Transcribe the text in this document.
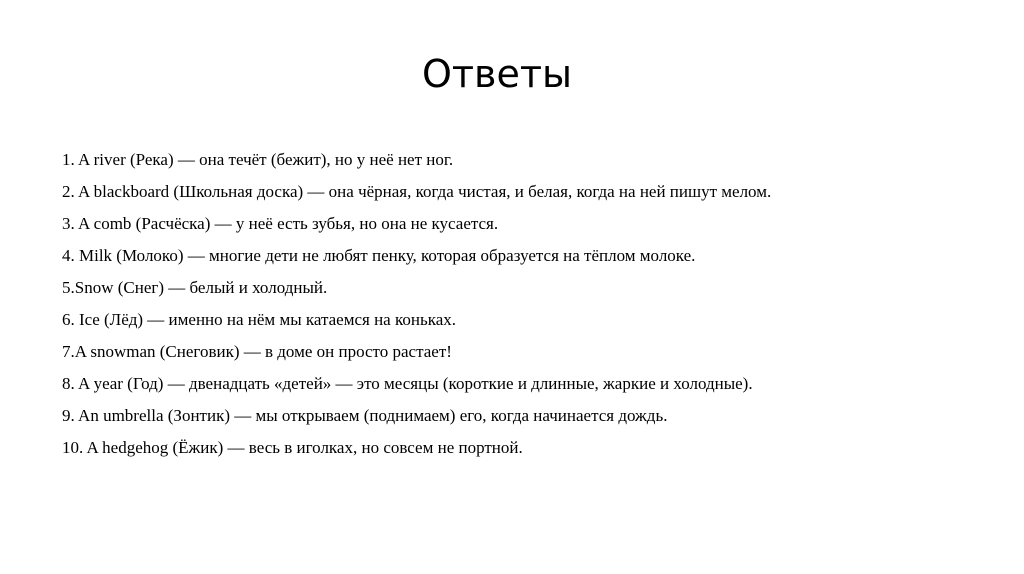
Ответы
1. A river (Река) — она течёт (бежит), но у неё нет ног.
2. A blackboard (Школьная доска) — она чёрная, когда чистая, и белая, когда на ней пишут мелом.
3. A comb (Расчёска) — у неё есть зубья, но она не кусается.
4. Milk (Молоко) — многие дети не любят пенку, которая образуется на тёплом молоке.
5.Snow (Снег) — белый и холодный.
6. Ice (Лёд) — именно на нём мы катаемся на коньках.
7.A snowman (Снеговик) — в доме он просто растает!
8. A year (Год) — двенадцать «детей» — это месяцы (короткие и длинные, жаркие и холодные).
9. An umbrella (Зонтик) — мы открываем (поднимаем) его, когда начинается дождь.
10. A hedgehog (Ёжик) — весь в иголках, но совсем не портной.
